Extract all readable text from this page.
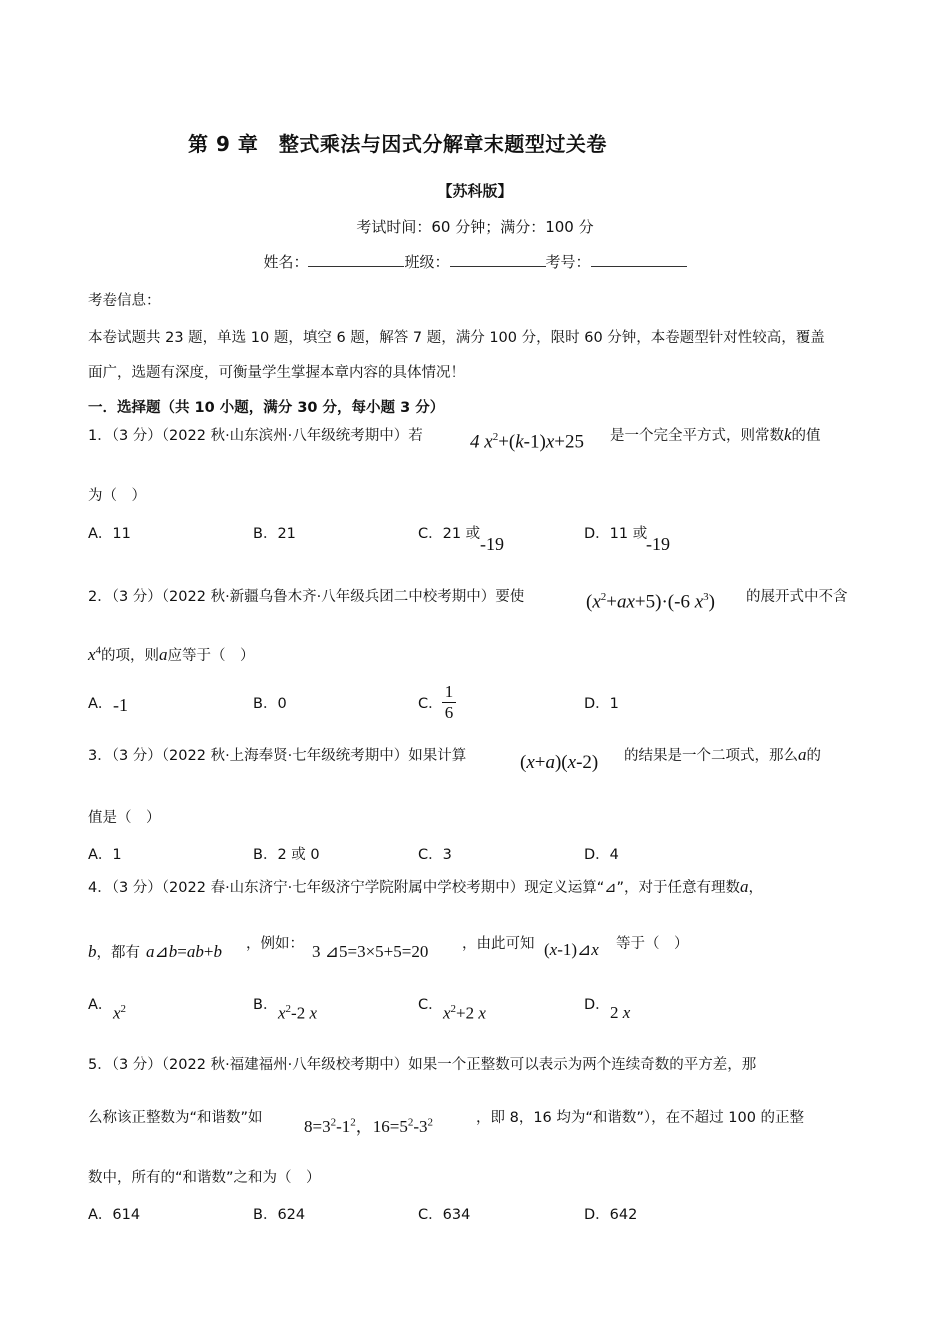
第 9 章　整式乘法与因式分解章末题型过关卷
【苏科版】
考试时间：60 分钟；满分：100 分
姓名：	班级：	考号：
考卷信息：
本卷试题共 23 题，单选 10 题，填空 6 题，解答 7 题，满分 100 分，限时 60 分钟，本卷题型针对性较高，覆盖
面广，选题有深度，可衡量学生掌握本章内容的具体情况！
一．选择题（共 10 小题，满分 30 分，每小题 3 分）
1．（3 分）（2022 秋·山东滨州·八年级统考期中）若 4 $x^2+(k-1)x+25$ 是一个完全平方式，则常数k的值
为（　）
A．11	B．21	C．21 或 -19	D．11 或
-19
2．（3 分）（2022 秋·新疆乌鲁木齐·八年级兵团二中校考期中）要使	$(x^2+ax+5)\cdot(-6$ $x^3$) 的展开式中不含
$x^4$的项，则a应等于（　）
A． -1	B．0	C．
1
6	D．1
3．（3 分）（2022 秋·上海奉贤·七年级统考期中）如果计算	(x+a)(x-2) 的结果是一个二项式，那么a的
值是（　）
A．1	B．2 或 0	C．3	D．4
4．（3 分）（2022 春·山东济宁·七年级济宁学院附属中学校考期中）现定义运算“⊿”，对于任意有理数a，
b，都有 a⊿b=ab+b ，例如： 3 ⊿5=3×5+5=20 ，由此可知 (x-1)⊿x 等于（　）
A． $x^2$	B． $x^2-2$ x	C． $x^2+2$ x	D． 2 x
5．（3 分）（2022 秋·福建福州·八年级校考期中）如果一个正整数可以表示为两个连续奇数的平方差，那
么称该正整数为“和谐数”如 $8=3^2-1^2$，$16=5^2-3^2$	，即 8，16 均为“和谐数”），在不超过 100 的正整
数中，所有的“和谐数”之和为（　）
A．614	B．624	C．634	D．642
